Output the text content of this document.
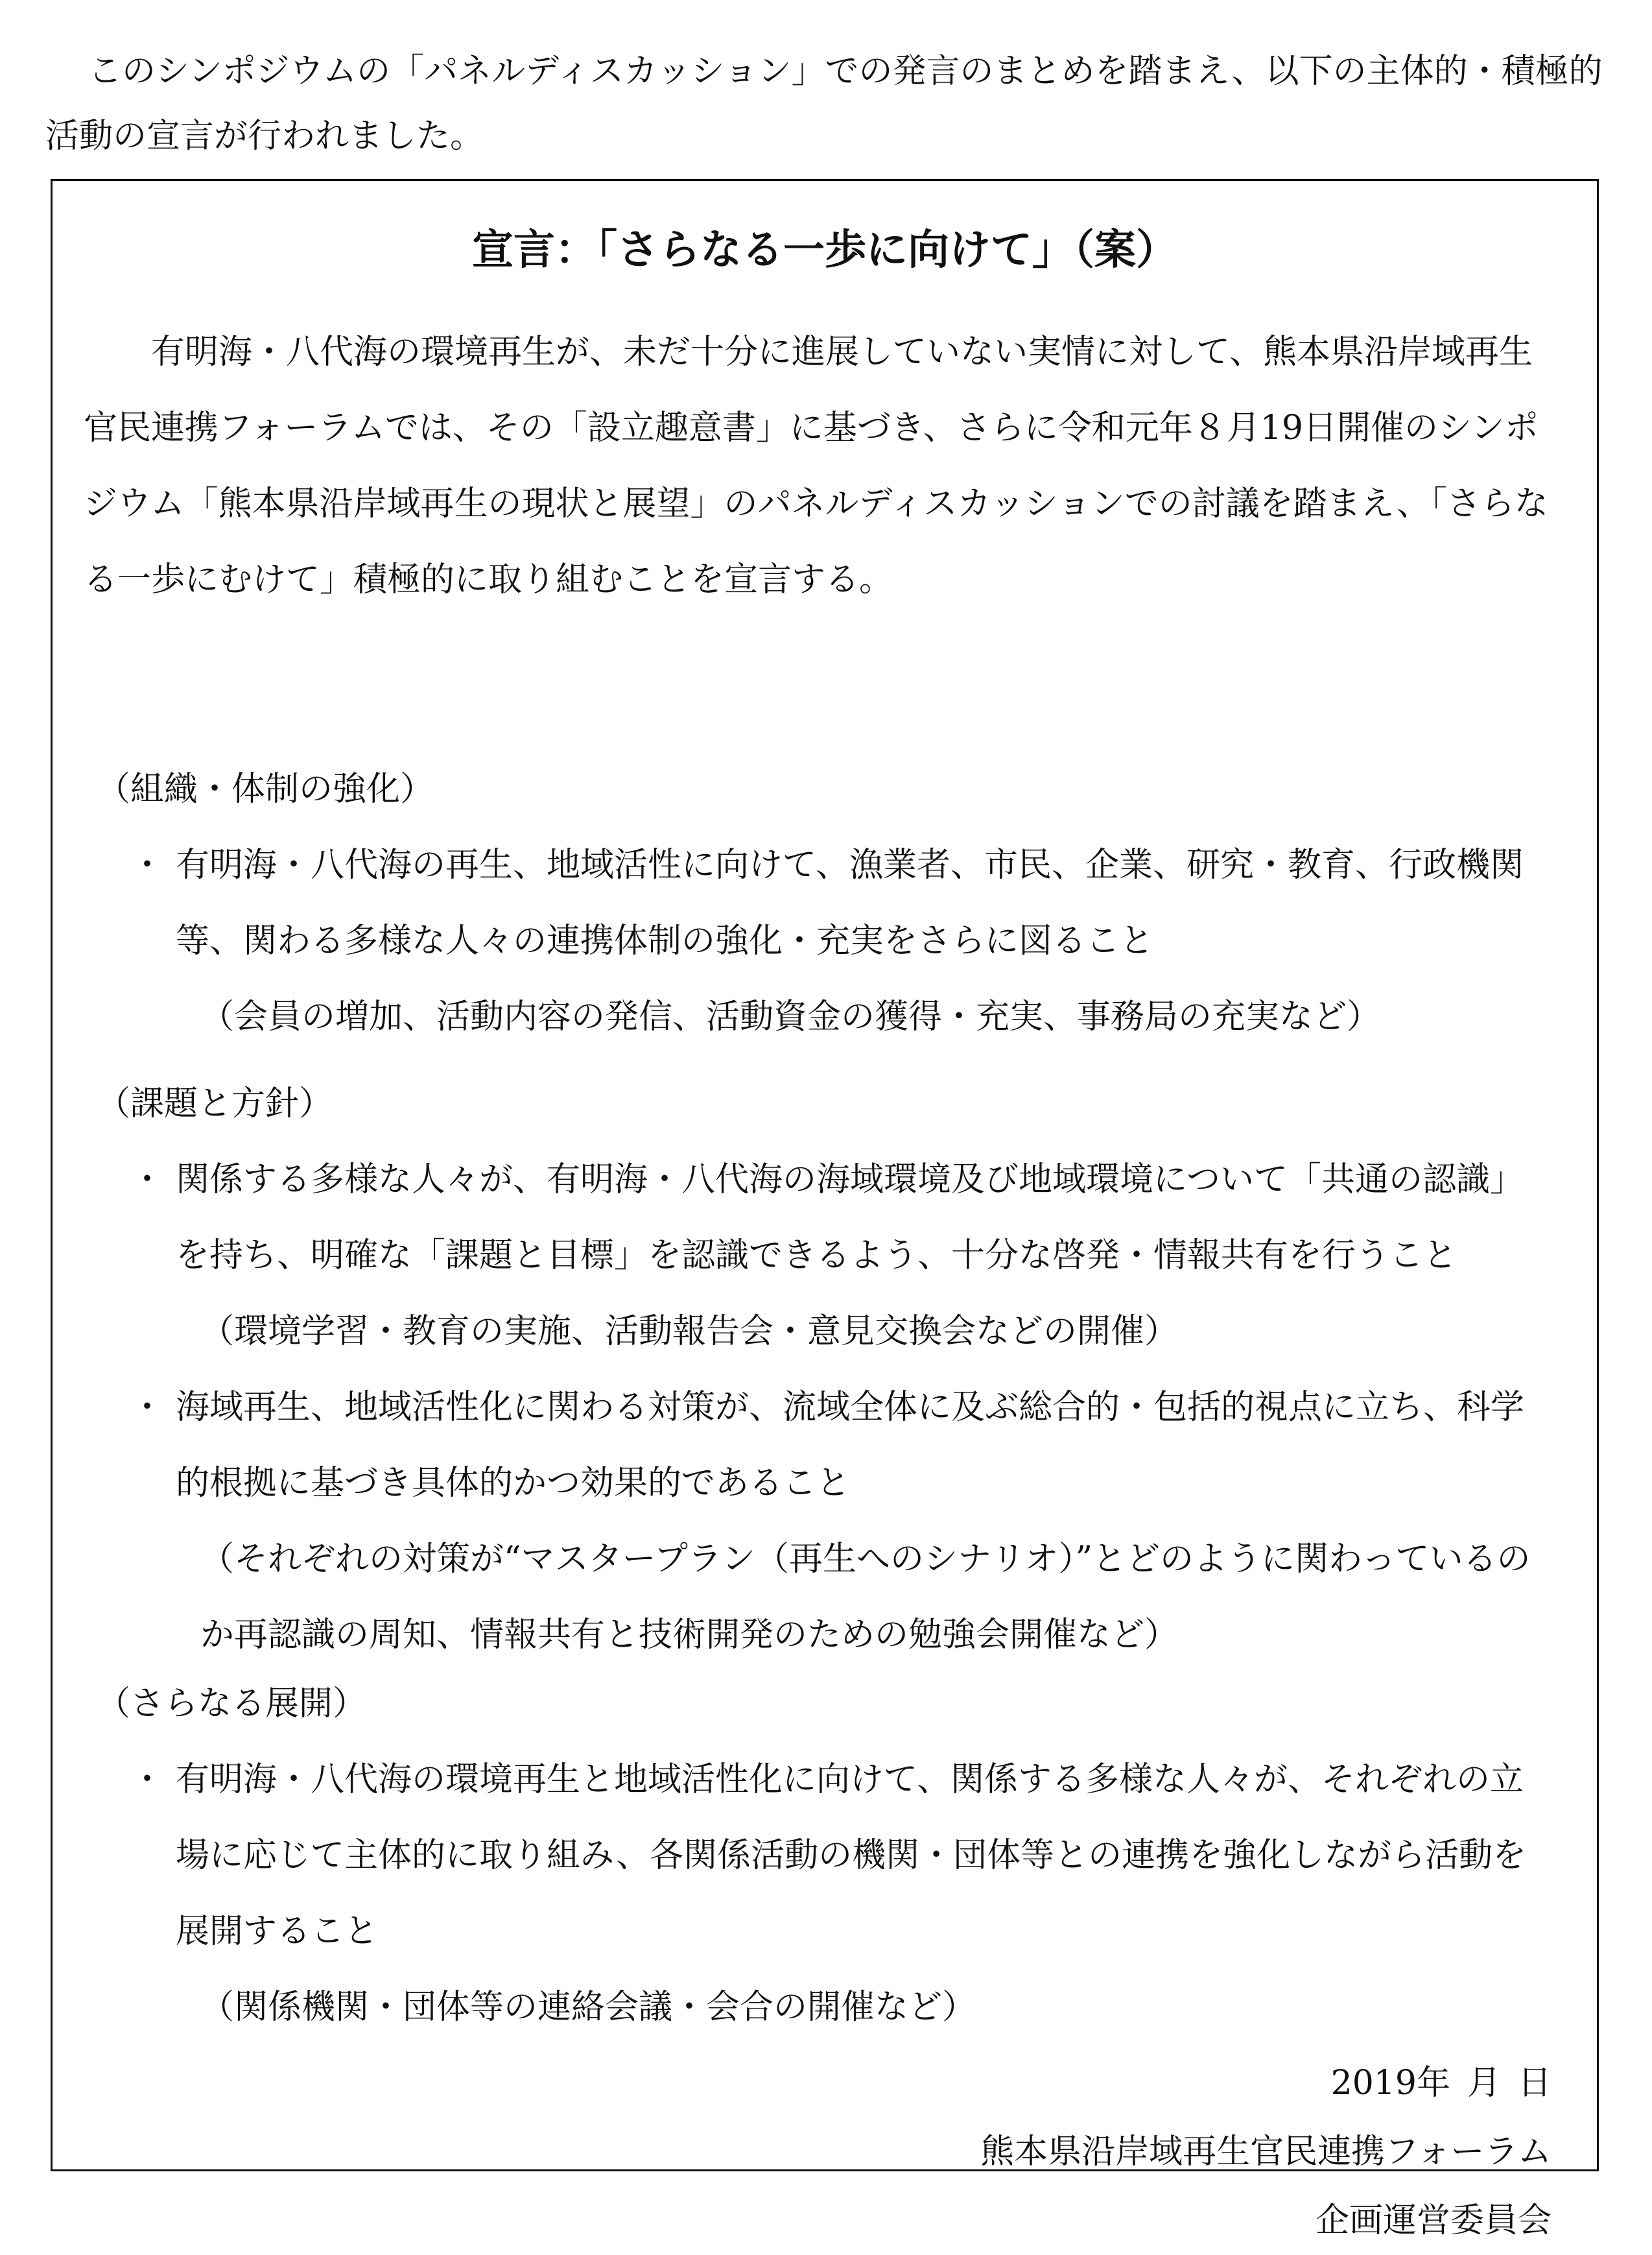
このシンポジウムの「パネルディスカッション」での発言のまとめを踏まえ、以下の主体的・積極的活動の宣言が行われました。

宣言：「さらなる一歩に向けて」（案）

有明海・八代海の環境再生が、未だ十分に進展していない実情に対して、熊本県沿岸域再生官民連携フォーラムでは、その「設立趣意書」に基づき、さらに令和元年８月19日開催のシンポジウム「熊本県沿岸域再生の現状と展望」のパネルディスカッションでの討議を踏まえ、「さらなる一歩にむけて」積極的に取り組むことを宣言する。

（組織・体制の強化）

・ 有明海・八代海の再生、地域活性に向けて、漁業者、市民、企業、研究・教育、行政機関等、関わる多様な人々の連携体制の強化・充実をさらに図ること

（会員の増加、活動内容の発信、活動資金の獲得・充実、事務局の充実など）

（課題と方針）

・ 関係する多様な人々が、有明海・八代海の海域環境及び地域環境について「共通の認識」を持ち、明確な「課題と目標」を認識できるよう、十分な啓発・情報共有を行うこと

（環境学習・教育の実施、活動報告会・意見交換会などの開催）

・ 海域再生、地域活性化に関わる対策が、流域全体に及ぶ総合的・包括的視点に立ち、科学的根拠に基づき具体的かつ効果的であること

（それぞれの対策が“マスタープラン（再生へのシナリオ）”とどのように関わっているのか再認識の周知、情報共有と技術開発のための勉強会開催など）

（さらなる展開）

・ 有明海・八代海の環境再生と地域活性化に向けて、関係する多様な人々が、それぞれの立場に応じて主体的に取り組み、各関係活動の機関・団体等との連携を強化しながら活動を展開すること

（関係機関・団体等の連絡会議・会合の開催など）

2019年 月 日

熊本県沿岸域再生官民連携フォーラム

企画運営委員会
